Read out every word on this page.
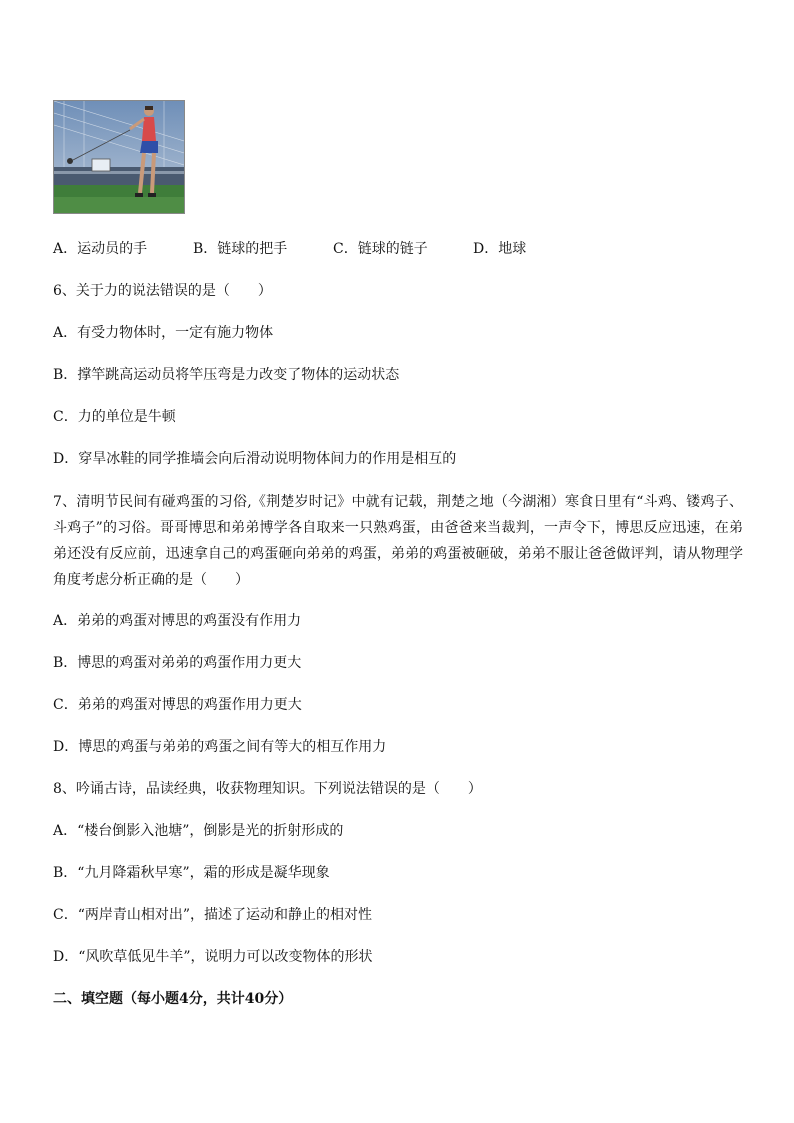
A．运动员的手	B．链球的把手	C．链球的链子	D．地球
6、关于力的说法错误的是（　　）
A．有受力物体时，一定有施力物体
B．撑竿跳高运动员将竿压弯是力改变了物体的运动状态
C．力的单位是牛顿
D．穿旱冰鞋的同学推墙会向后滑动说明物体间力的作用是相互的
7、清明节民间有碰鸡蛋的习俗,《荆楚岁时记》中就有记载，荆楚之地（今湖湘）寒食日里有“斗鸡、镂鸡子、斗鸡子”的习俗。哥哥博思和弟弟博学各自取来一只熟鸡蛋，由爸爸来当裁判，一声令下，博思反应迅速，在弟弟还没有反应前，迅速拿自己的鸡蛋砸向弟弟的鸡蛋，弟弟的鸡蛋被砸破，弟弟不服让爸爸做评判，请从物理学角度考虑分析正确的是（　　）
A．弟弟的鸡蛋对博思的鸡蛋没有作用力
B．博思的鸡蛋对弟弟的鸡蛋作用力更大
C．弟弟的鸡蛋对博思的鸡蛋作用力更大
D．博思的鸡蛋与弟弟的鸡蛋之间有等大的相互作用力
8、吟诵古诗，品读经典，收获物理知识。下列说法错误的是（　　）
A．“楼台倒影入池塘”，倒影是光的折射形成的
B．“九月降霜秋早寒”，霜的形成是凝华现象
C．“两岸青山相对出”，描述了运动和静止的相对性
D．“风吹草低见牛羊”，说明力可以改变物体的形状
二、填空题（每小题4分，共计40分）
